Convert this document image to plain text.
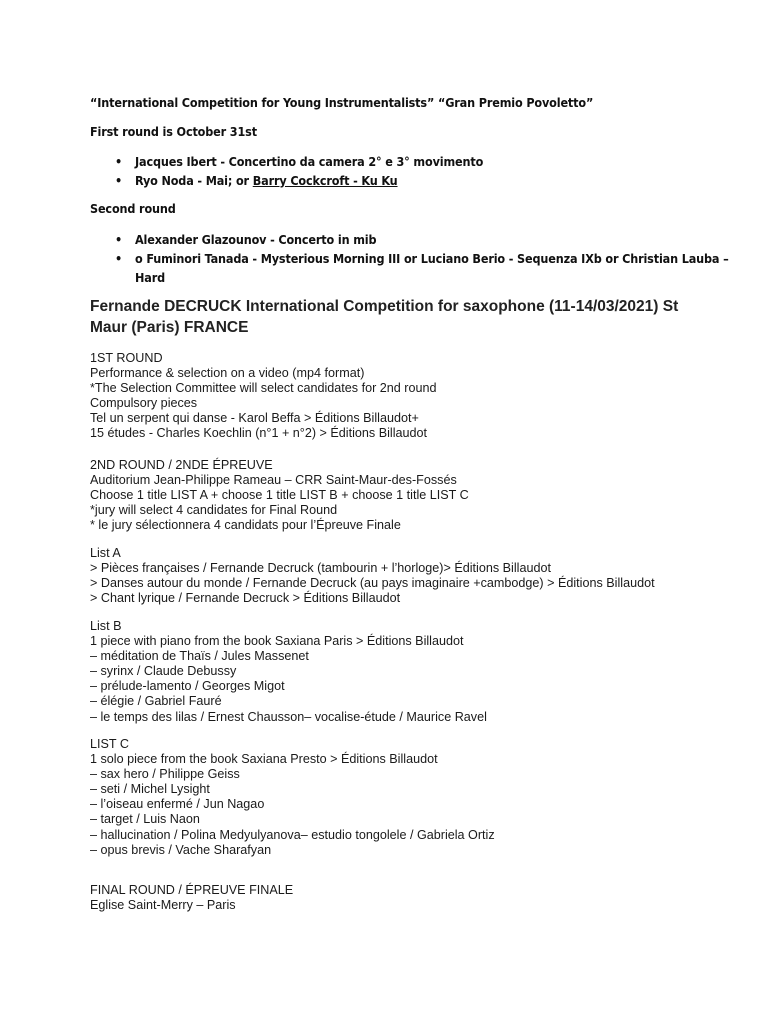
“International Competition for Young Instrumentalists” “Gran Premio Povoletto”
First round is October 31st
• Jacques Ibert - Concertino da camera 2° e 3° movimento
• Ryo Noda - Mai; or Barry Cockcroft - Ku Ku
Second round
• Alexander Glazounov - Concerto in mib
• o Fuminori Tanada - Mysterious Morning III or Luciano Berio - Sequenza IXb or Christian Lauba –
Hard
Fernande DECRUCK International Competition for saxophone (11-14/03/2021) St Maur (Paris) FRANCE
1ST ROUND
Performance & selection on a video (mp4 format)
*The Selection Committee will select candidates for 2nd round
Compulsory pieces
Tel un serpent qui danse - Karol Beffa > Éditions Billaudot+
15 études - Charles Koechlin (n°1 + n°2) > Éditions Billaudot
2ND ROUND / 2NDE ÉPREUVE
Auditorium Jean-Philippe Rameau – CRR Saint-Maur-des-Fossés
Choose 1 title LIST A + choose 1 title LIST B + choose 1 title LIST C
*jury will select 4 candidates for Final Round
* le jury sélectionnera 4 candidats pour l’Épreuve Finale
List A
> Pièces françaises / Fernande Decruck (tambourin + l’horloge)> Éditions Billaudot
> Danses autour du monde / Fernande Decruck (au pays imaginaire +cambodge) > Éditions Billaudot
> Chant lyrique / Fernande Decruck > Éditions Billaudot
List B
1 piece with piano from the book Saxiana Paris > Éditions Billaudot
– méditation de Thaïs / Jules Massenet
– syrinx / Claude Debussy
– prélude-lamento / Georges Migot
– élégie / Gabriel Fauré
– le temps des lilas / Ernest Chausson– vocalise-étude / Maurice Ravel
LIST C
1 solo piece from the book Saxiana Presto > Éditions Billaudot
– sax hero / Philippe Geiss
– seti / Michel Lysight
– l’oiseau enfermé / Jun Nagao
– target / Luis Naon
– hallucination / Polina Medyulyanova– estudio tongolele / Gabriela Ortiz
– opus brevis / Vache Sharafyan
FINAL ROUND / ÉPREUVE FINALE
Eglise Saint-Merry – Paris
